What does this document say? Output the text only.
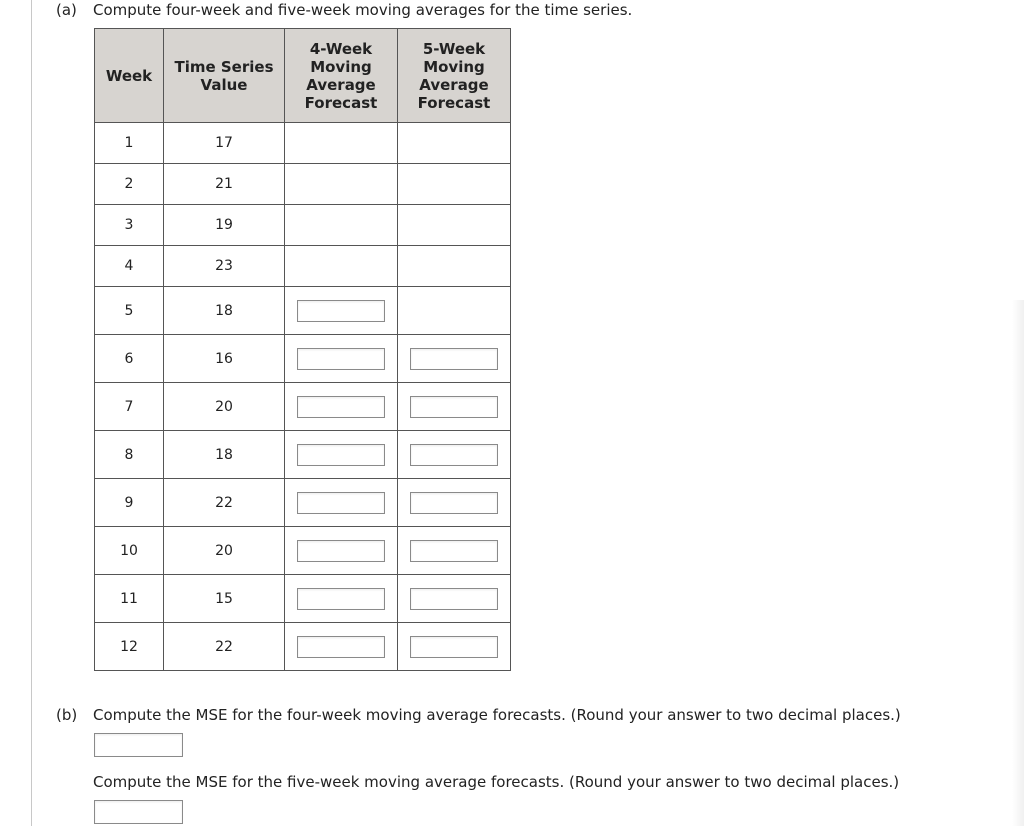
(a) Compute four-week and five-week moving averages for the time series.
Week	Time Series Value	4-Week Moving Average Forecast	5-Week Moving Average Forecast
1	17		
2	21		
3	19		
4	23		
5	18		
6	16		
7	20		
8	18		
9	22		
10	20		
11	15		
12	22		
(b) Compute the MSE for the four-week moving average forecasts. (Round your answer to two decimal places.)
Compute the MSE for the five-week moving average forecasts. (Round your answer to two decimal places.)
